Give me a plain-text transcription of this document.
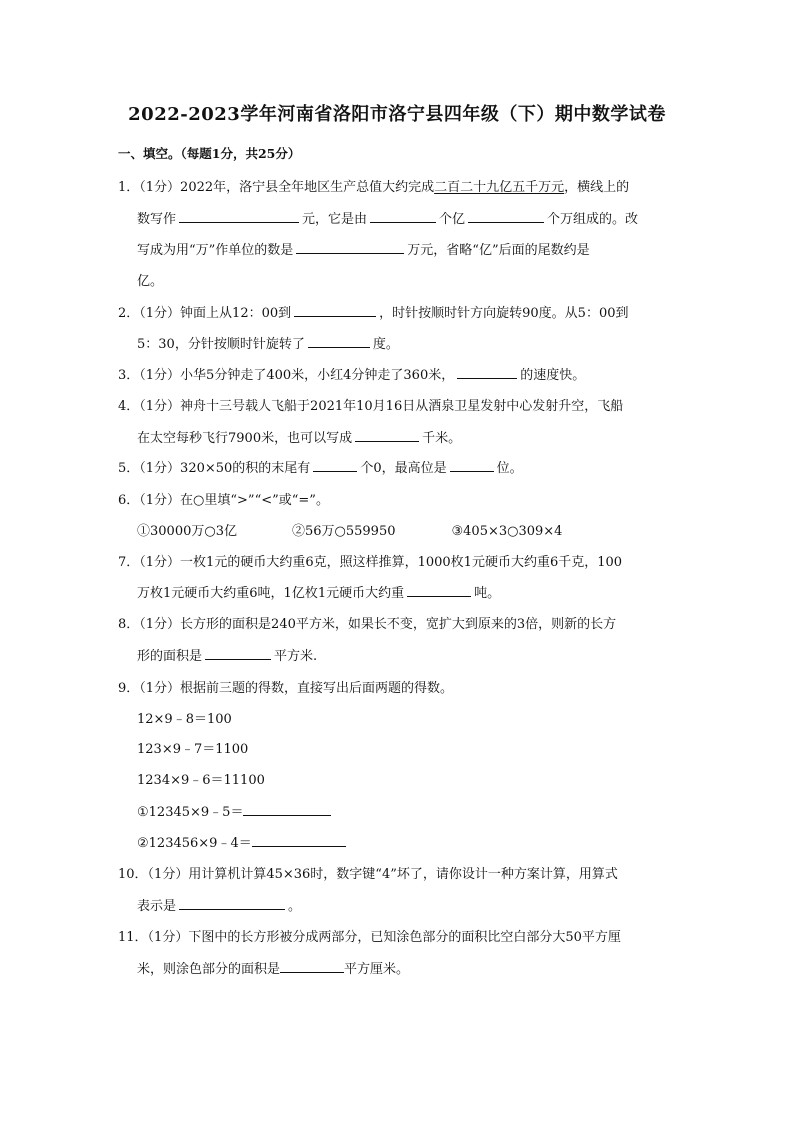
2022-2023学年河南省洛阳市洛宁县四年级（下）期中数学试卷
一、填空。（每题1分，共25分）
1．（1分）2022年，洛宁县全年地区生产总值大约完成二百二十九亿五千万元，横线上的
数写作	元，它是由	个亿	个万组成的。改
写成为用“万”作单位的数是	万元，省略“亿”后面的尾数约是
亿。
2．（1分）钟面上从12：00到	，时针按顺时针方向旋转90度。从5：00到
5：30，分针按顺时针旋转了	度。
3．（1分）小华5分钟走了400米，小红4分钟走了360米，	的速度快。
4．（1分）神舟十三号载人飞船于2021年10月16日从酒泉卫星发射中心发射升空，飞船
在太空每秒飞行7900米，也可以写成	千米。
5．（1分）320×50的积的末尾有	个0，最高位是	位。
6．（1分）在○里填“>”“<”或“=”。
①30000万○3亿	②56万○559950	③405×3○309×4
7．（1分）一枚1元的硬币大约重6克，照这样推算，1000枚1元硬币大约重6千克，100
万枚1元硬币大约重6吨，1亿枚1元硬币大约重	吨。
8．（1分）长方形的面积是240平方米，如果长不变，宽扩大到原来的3倍，则新的长方
形的面积是	平方米.
9．（1分）根据前三题的得数，直接写出后面两题的得数。
12×9﹣8＝100
123×9﹣7＝1100
1234×9﹣6＝11100
①12345×9﹣5＝
②123456×9﹣4＝
10．（1分）用计算机计算45×36时，数字键“4”坏了，请你设计一种方案计算，用算式
表示是	。
11．（1分）下图中的长方形被分成两部分，已知涂色部分的面积比空白部分大50平方厘
米，则涂色部分的面积是	平方厘米。
